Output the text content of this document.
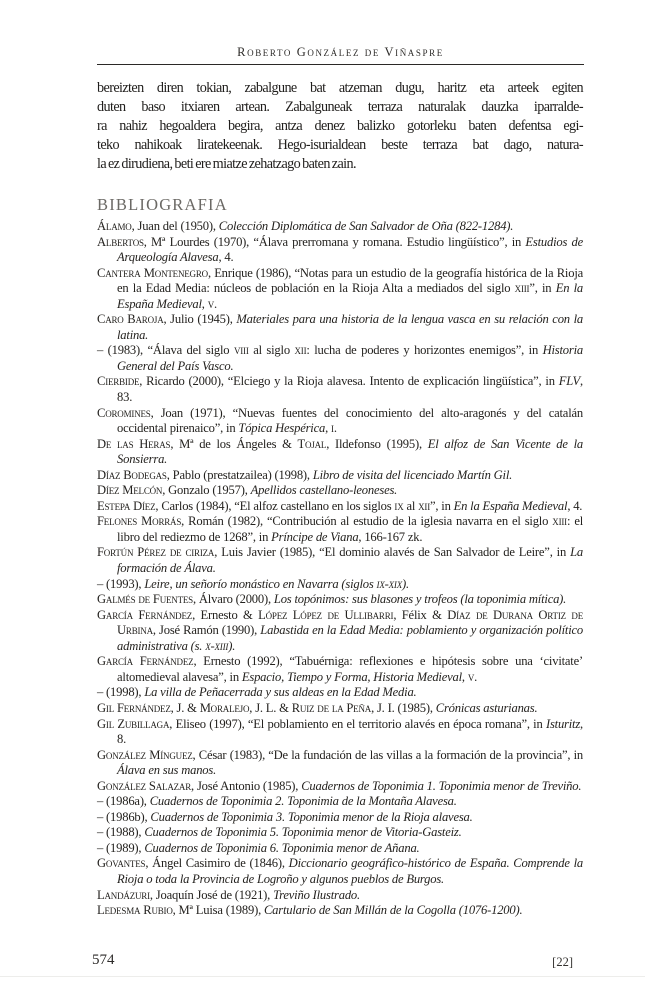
Roberto González de Viñaspre
bereizten diren tokian, zabalgune bat atzeman dugu, haritz eta arteek egiten
duten baso itxiaren artean. Zabalguneak terraza naturalak dauzka iparralde-
ra nahiz hegoaldera begira, antza denez balizko gotorleku baten defentsa egi-
teko nahikoak liratekeenak. Hego-isurialdean beste terraza bat dago, natura-
la ez dirudiena, beti ere miatze zehatzago baten zain.
BIBLIOGRAFIA

Álamo, Juan del (1950), Colección Diplomática de San Salvador de Oña (822-1284).

Albertos, Mª Lourdes (1970), “Álava prerromana y romana. Estudio lingüístico”, in Estudios de Arqueología Alavesa, 4.

Cantera Montenegro, Enrique (1986), “Notas para un estudio de la geografía histórica de la Rioja en la Edad Media: núcleos de población en la Rioja Alta a mediados del siglo xiii”, in En la España Medieval, v.

Caro Baroja, Julio (1945), Materiales para una historia de la lengua vasca en su relación con la latina.

– (1983), “Álava del siglo viii al siglo xii: lucha de poderes y horizontes enemigos”, in Historia General del País Vasco.

Cierbide, Ricardo (2000), “Elciego y la Rioja alavesa. Intento de explicación lingüística”, in FLV, 83.

Coromines, Joan (1971), “Nuevas fuentes del conocimiento del alto-aragonés y del catalán occidental pirenaico”, in Tópica Hespérica, i.

De las Heras, Mª de los Ángeles & Tojal, Ildefonso (1995), El alfoz de San Vicente de la Sonsierra.

Díaz Bodegas, Pablo (prestatzailea) (1998), Libro de visita del licenciado Martín Gil.

Díez Melcón, Gonzalo (1957), Apellidos castellano-leoneses.

Estepa Díez, Carlos (1984), “El alfoz castellano en los siglos ix al xii”, in En la España Medieval, 4.

Felones Morrás, Román (1982), “Contribución al estudio de la iglesia navarra en el siglo xiii: el libro del rediezmo de 1268”, in Príncipe de Viana, 166-167 zk.

Fortún Pérez de ciriza, Luis Javier (1985), “El dominio alavés de San Salvador de Leire”, in La formación de Álava.

– (1993), Leire, un señorío monástico en Navarra (siglos ix-xix).

Galmés de Fuentes, Álvaro (2000), Los topónimos: sus blasones y trofeos (la toponimia mítica).

García Fernández, Ernesto & López López de Ullibarri, Félix & Díaz de Durana Ortiz de Urbina, José Ramón (1990), Labastida en la Edad Media: poblamiento y organización político administrativa (s. x-xiii).

García Fernández, Ernesto (1992), “Tabuérniga: reflexiones e hipótesis sobre una ‘civitate’ altomedieval alavesa”, in Espacio, Tiempo y Forma, Historia Medieval, v.

– (1998), La villa de Peñacerrada y sus aldeas en la Edad Media.

Gil Fernández, J. & Moralejo, J. L. & Ruiz de la Peña, J. I. (1985), Crónicas asturianas.

Gil Zubillaga, Eliseo (1997), “El poblamiento en el territorio alavés en época romana”, in Isturitz, 8.

González Mínguez, César (1983), “De la fundación de las villas a la formación de la provincia”, in Álava en sus manos.

González Salazar, José Antonio (1985), Cuadernos de Toponimia 1. Toponimia menor de Treviño.

– (1986a), Cuadernos de Toponimia 2. Toponimia de la Montaña Alavesa.

– (1986b), Cuadernos de Toponimia 3. Toponimia menor de la Rioja alavesa.

– (1988), Cuadernos de Toponimia 5. Toponimia menor de Vitoria-Gasteiz.

– (1989), Cuadernos de Toponimia 6. Toponimia menor de Añana.

Govantes, Ángel Casimiro de (1846), Diccionario geográfico-histórico de España. Comprende la Rioja o toda la Provincia de Logroño y algunos pueblos de Burgos.

Landázuri, Joaquín José de (1921), Treviño Ilustrado.

Ledesma Rubio, Mª Luisa (1989), Cartulario de San Millán de la Cogolla (1076-1200).

574	[22]
